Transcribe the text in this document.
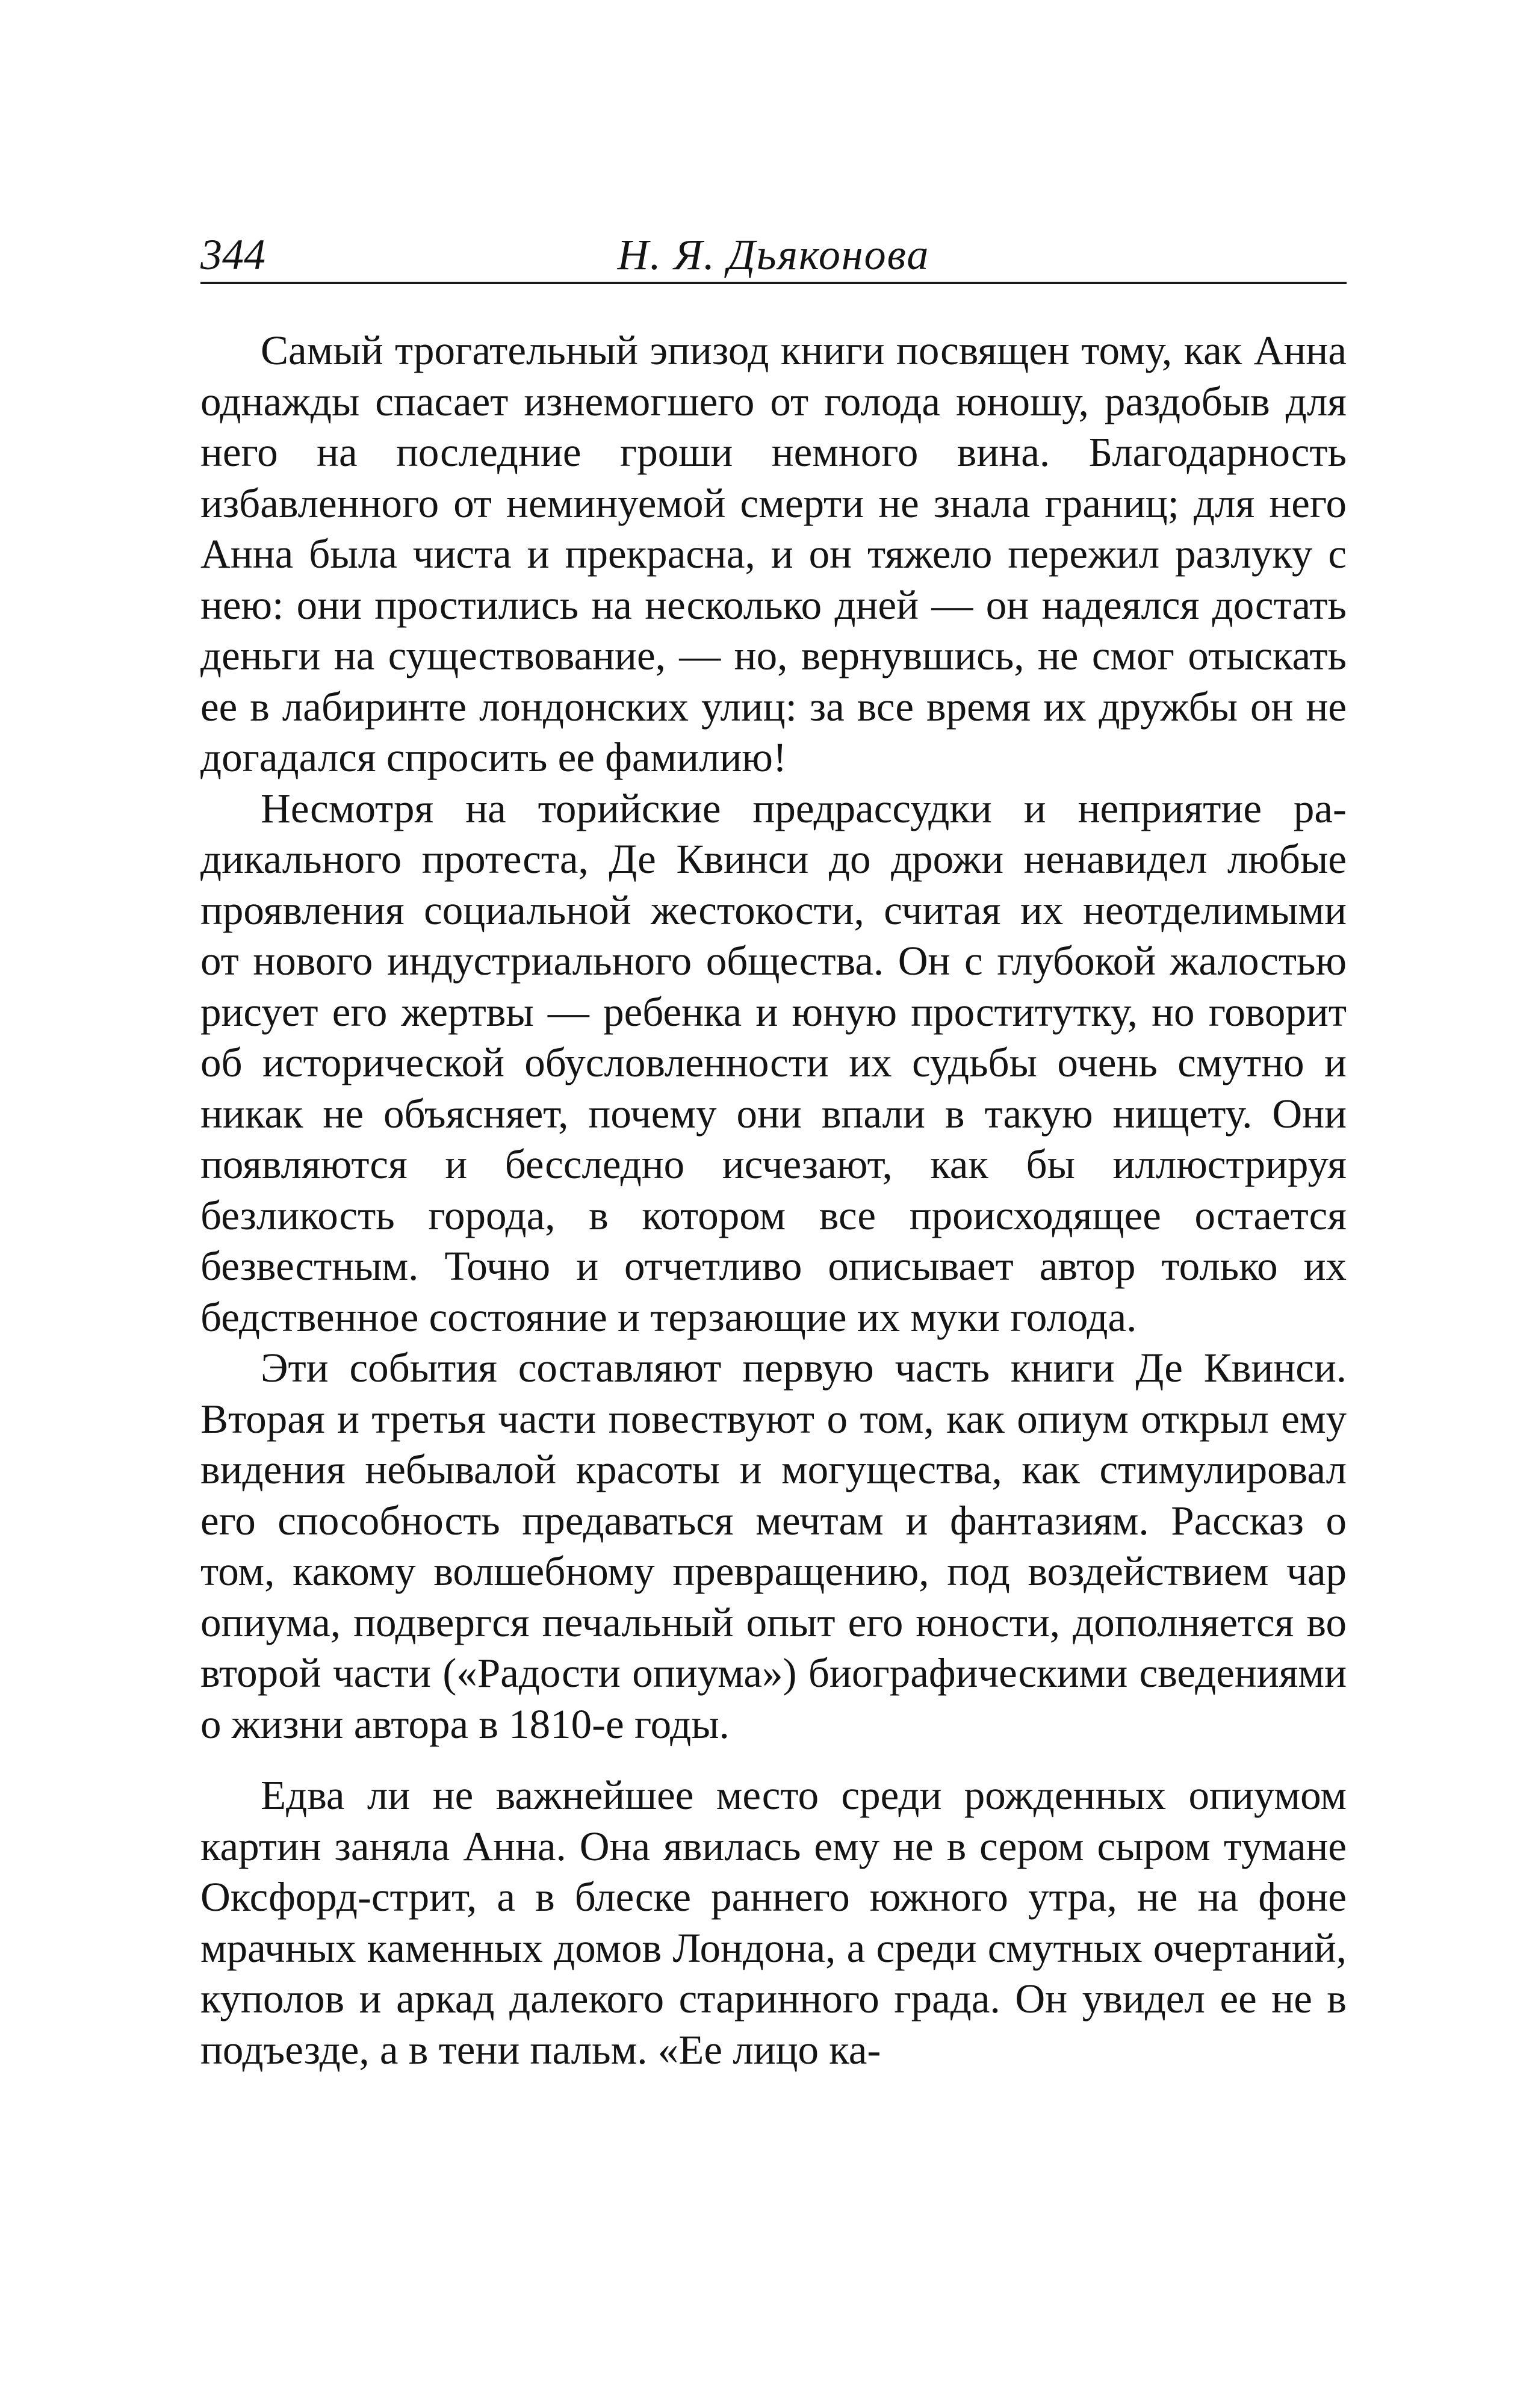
344	Н. Я. Дьяконова

Самый трогательный эпизод книги посвящен тому, как Анна однажды спасает изнемогшего от голода юношу, раздобыв для него на последние гроши немного вина. Благодарность избавленного от неминуемой смерти не знала границ; для него Анна была чиста и прекрасна, и он тяжело пережил разлуку с нею: они простились на несколько дней — он надеялся достать деньги на существование, — но, вернувшись, не смог отыскать ее в лабиринте лондонских улиц: за все время их дружбы он не догадался спросить ее фамилию!

Несмотря на торийские предрассудки и неприятие радикального протеста, Де Квинси до дрожи ненавидел любые проявления социальной жестокости, считая их неотделимыми от нового индустриального общества. Он с глубокой жалостью рисует его жертвы — ребенка и юную проститутку, но говорит об исторической обусловленности их судьбы очень смутно и никак не объясняет, почему они впали в такую нищету. Они появляются и бесследно исчезают, как бы иллюстрируя безликость города, в котором все происходящее остается безвестным. Точно и отчетливо описывает автор только их бедственное состояние и терзающие их муки голода.

Эти события составляют первую часть книги Де Квинси. Вторая и третья части повествуют о том, как опиум открыл ему видения небывалой красоты и могущества, как стимулировал его способность предаваться мечтам и фантазиям. Рассказ о том, какому волшебному превращению, под воздействием чар опиума, подвергся печальный опыт его юности, дополняется во второй части («Радости опиума») биографическими сведениями о жизни автора в 1810-е годы.

Едва ли не важнейшее место среди рожденных опиумом картин заняла Анна. Она явилась ему не в сером сыром тумане Оксфорд-стрит, а в блеске раннего южного утра, не на фоне мрачных каменных домов Лондона, а среди смутных очертаний, куполов и аркад далекого старинного града. Он увидел ее не в подъезде, а в тени пальм. «Ее лицо ка-
